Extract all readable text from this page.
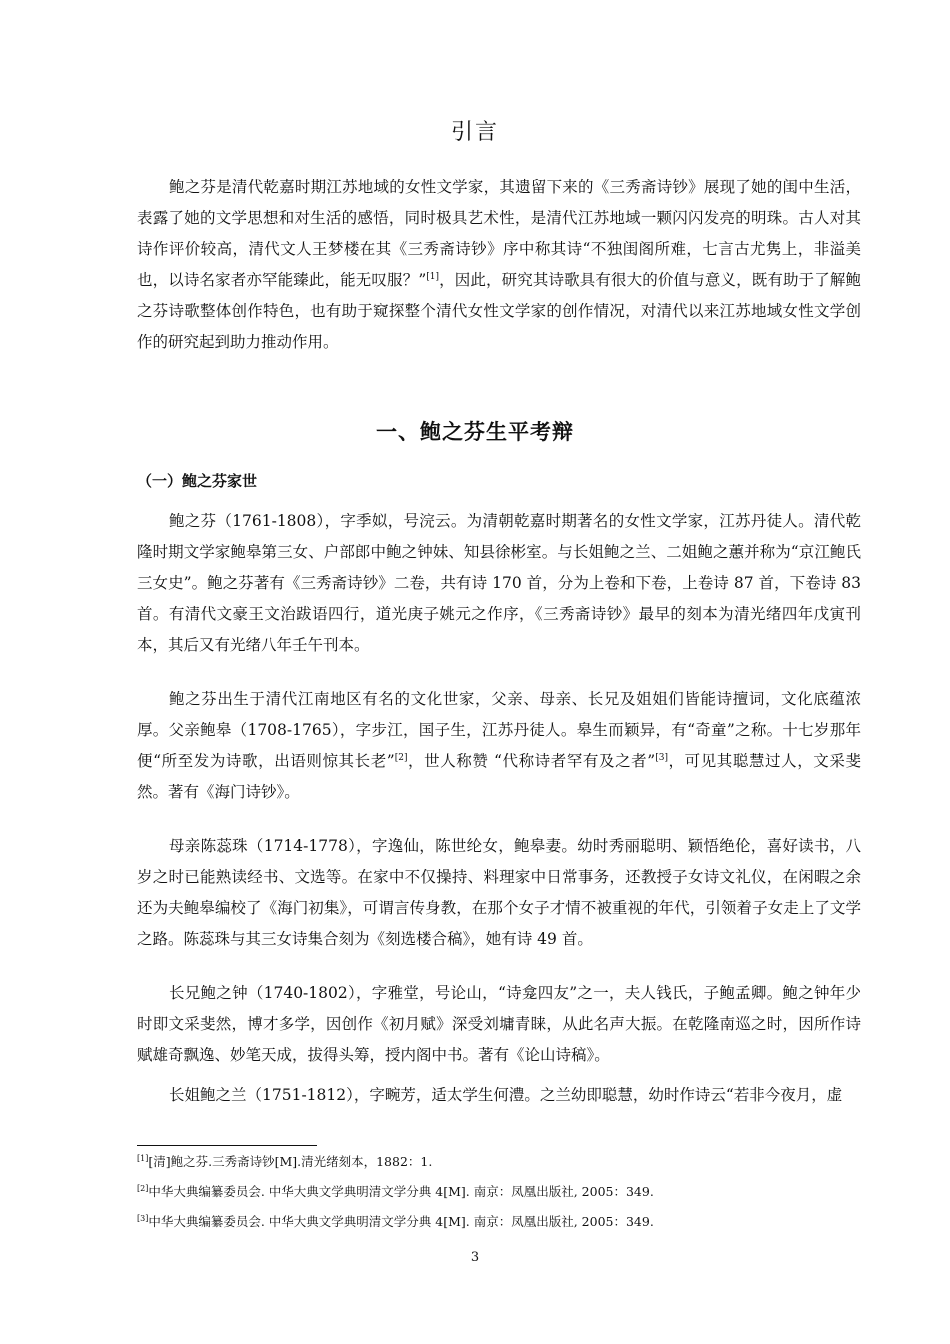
引言

鲍之芬是清代乾嘉时期江苏地域的女性文学家，其遗留下来的《三秀斋诗钞》展现了她的闺中生活，表露了她的文学思想和对生活的感悟，同时极具艺术性，是清代江苏地域一颗闪闪发亮的明珠。古人对其诗作评价较高，清代文人王梦楼在其《三秀斋诗钞》序中称其诗“不独闺阁所难，七言古尤隽上，非溢美也，以诗名家者亦罕能臻此，能无叹服？”[1]，因此，研究其诗歌具有很大的价值与意义，既有助于了解鲍之芬诗歌整体创作特色，也有助于窥探整个清代女性文学家的创作情况，对清代以来江苏地域女性文学创作的研究起到助力推动作用。

一、鲍之芬生平考辩
（一）鲍之芬家世

鲍之芬（1761-1808），字季姒，号浣云。为清朝乾嘉时期著名的女性文学家，江苏丹徒人。清代乾隆时期文学家鲍皋第三女、户部郎中鲍之钟妹、知县徐彬室。与长姐鲍之兰、二姐鲍之蕙并称为“京江鲍氏三女史”。鲍之芬著有《三秀斋诗钞》二卷，共有诗 170 首，分为上卷和下卷，上卷诗 87 首，下卷诗 83 首。有清代文豪王文治跋语四行，道光庚子姚元之作序，《三秀斋诗钞》最早的刻本为清光绪四年戊寅刊本，其后又有光绪八年壬午刊本。

鲍之芬出生于清代江南地区有名的文化世家，父亲、母亲、长兄及姐姐们皆能诗擅词，文化底蕴浓厚。父亲鲍皋（1708-1765），字步江，国子生，江苏丹徒人。皋生而颖异，有“奇童”之称。十七岁那年便“所至发为诗歌，出语则惊其长老”[2]，世人称赞 “代称诗者罕有及之者”[3]，可见其聪慧过人，文采斐然。著有《海门诗钞》。

母亲陈蕊珠（1714-1778），字逸仙，陈世纶女，鲍皋妻。幼时秀丽聪明、颖悟绝伦，喜好读书，八岁之时已能熟读经书、文选等。在家中不仅操持、料理家中日常事务，还教授子女诗文礼仪，在闲暇之余还为夫鲍皋编校了《海门初集》，可谓言传身教，在那个女子才情不被重视的年代，引领着子女走上了文学之路。陈蕊珠与其三女诗集合刻为《刻选楼合稿》，她有诗 49 首。

长兄鲍之钟（1740-1802），字雅堂，号论山，“诗龛四友”之一，夫人钱氏，子鲍孟卿。鲍之钟年少时即文采斐然，博才多学，因创作《初月赋》深受刘墉青睐，从此名声大振。在乾隆南巡之时，因所作诗赋雄奇飘逸、妙笔天成，拔得头筹，授内阁中书。著有《论山诗稿》。

长姐鲍之兰（1751-1812），字畹芳，适太学生何澧。之兰幼即聪慧，幼时作诗云“若非今夜月，虚

[1][清]鲍之芬.三秀斋诗钞[M].清光绪刻本，1882：1.
[2]中华大典编纂委员会. 中华大典文学典明清文学分典 4[M]. 南京：凤凰出版社, 2005：349.
[3]中华大典编纂委员会. 中华大典文学典明清文学分典 4[M]. 南京：凤凰出版社, 2005：349.
3
